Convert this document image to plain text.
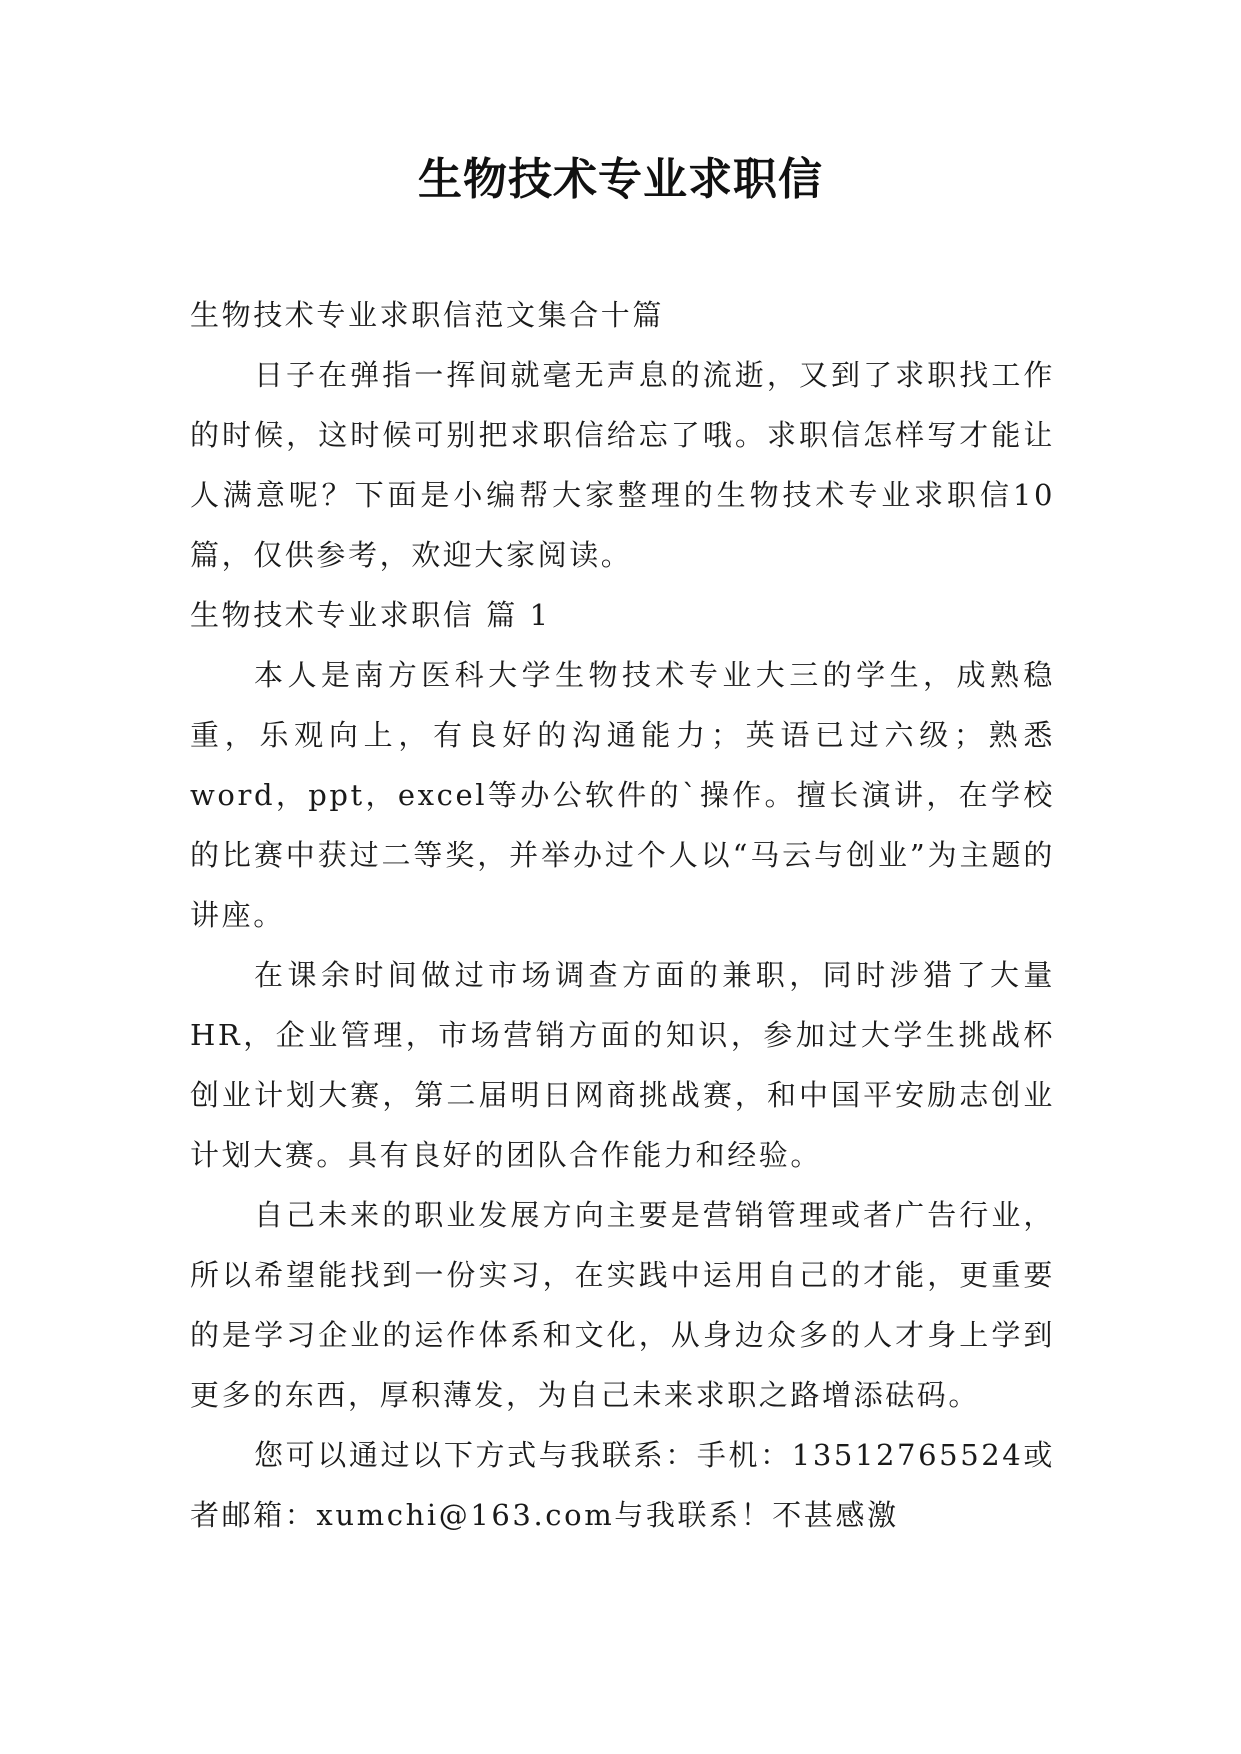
生物技术专业求职信

生物技术专业求职信范文集合十篇

日子在弹指一挥间就毫无声息的流逝，又到了求职找工作的时候，这时候可别把求职信给忘了哦。求职信怎样写才能让人满意呢？下面是小编帮大家整理的生物技术专业求职信10篇，仅供参考，欢迎大家阅读。

生物技术专业求职信 篇 1

本人是南方医科大学生物技术专业大三的学生，成熟稳重，乐观向上，有良好的沟通能力；英语已过六级；熟悉word，ppt，excel等办公软件的`操作。擅长演讲，在学校的比赛中获过二等奖，并举办过个人以“马云与创业”为主题的讲座。

在课余时间做过市场调查方面的兼职，同时涉猎了大量HR，企业管理，市场营销方面的知识，参加过大学生挑战杯创业计划大赛，第二届明日网商挑战赛，和中国平安励志创业计划大赛。具有良好的团队合作能力和经验。

自己未来的职业发展方向主要是营销管理或者广告行业，所以希望能找到一份实习，在实践中运用自己的才能，更重要的是学习企业的运作体系和文化，从身边众多的人才身上学到更多的东西，厚积薄发，为自己未来求职之路增添砝码。

您可以通过以下方式与我联系：手机：13512765524或者邮箱：xumchi@163.com与我联系！不甚感激
